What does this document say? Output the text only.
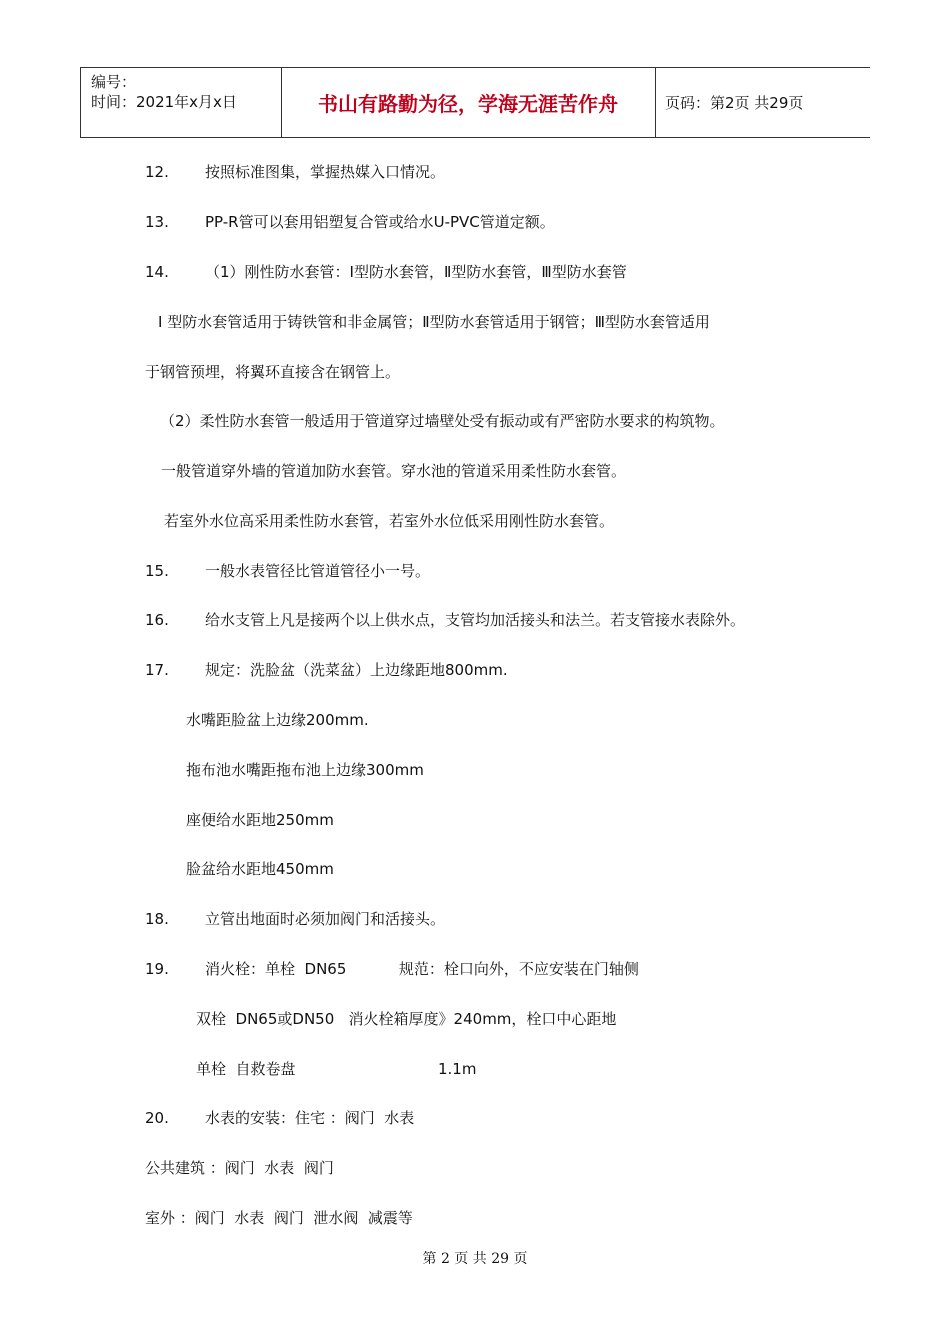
编号：
时间：2021年x月x日	书山有路勤为径，学海无涯苦作舟	页码：第2页 共29页
12. 按照标准图集，掌握热媒入口情况。
13. PP-R管可以套用铝塑复合管或给水U-PVC管道定额。
14. （1）刚性防水套管：Ⅰ型防水套管，Ⅱ型防水套管，Ⅲ型防水套管
Ⅰ 型防水套管适用于铸铁管和非金属管；Ⅱ型防水套管适用于钢管；Ⅲ型防水套管适用
于钢管预埋，将翼环直接含在钢管上。
（2）柔性防水套管一般适用于管道穿过墙壁处受有振动或有严密防水要求的构筑物。
一般管道穿外墙的管道加防水套管。穿水池的管道采用柔性防水套管。
若室外水位高采用柔性防水套管，若室外水位低采用刚性防水套管。
15. 一般水表管径比管道管径小一号。
16. 给水支管上凡是接两个以上供水点，支管均加活接头和法兰。若支管接水表除外。
17. 规定：洗脸盆（洗菜盆）上边缘距地800mm.
水嘴距脸盆上边缘200mm.
拖布池水嘴距拖布池上边缘300mm
座便给水距地250mm
脸盆给水距地450mm
18. 立管出地面时必须加阀门和活接头。
19. 消火栓：单栓  DN65           规范：栓口向外，不应安装在门轴侧
双栓  DN65或DN50   消火栓箱厚度》240mm，栓口中心距地
单栓  自救卷盘	1.1m
20. 水表的安装：住宅 ：阀门  水表
公共建筑 ：阀门  水表  阀门
室外 ：阀门  水表  阀门  泄水阀  减震等
第 2 页 共 29 页
